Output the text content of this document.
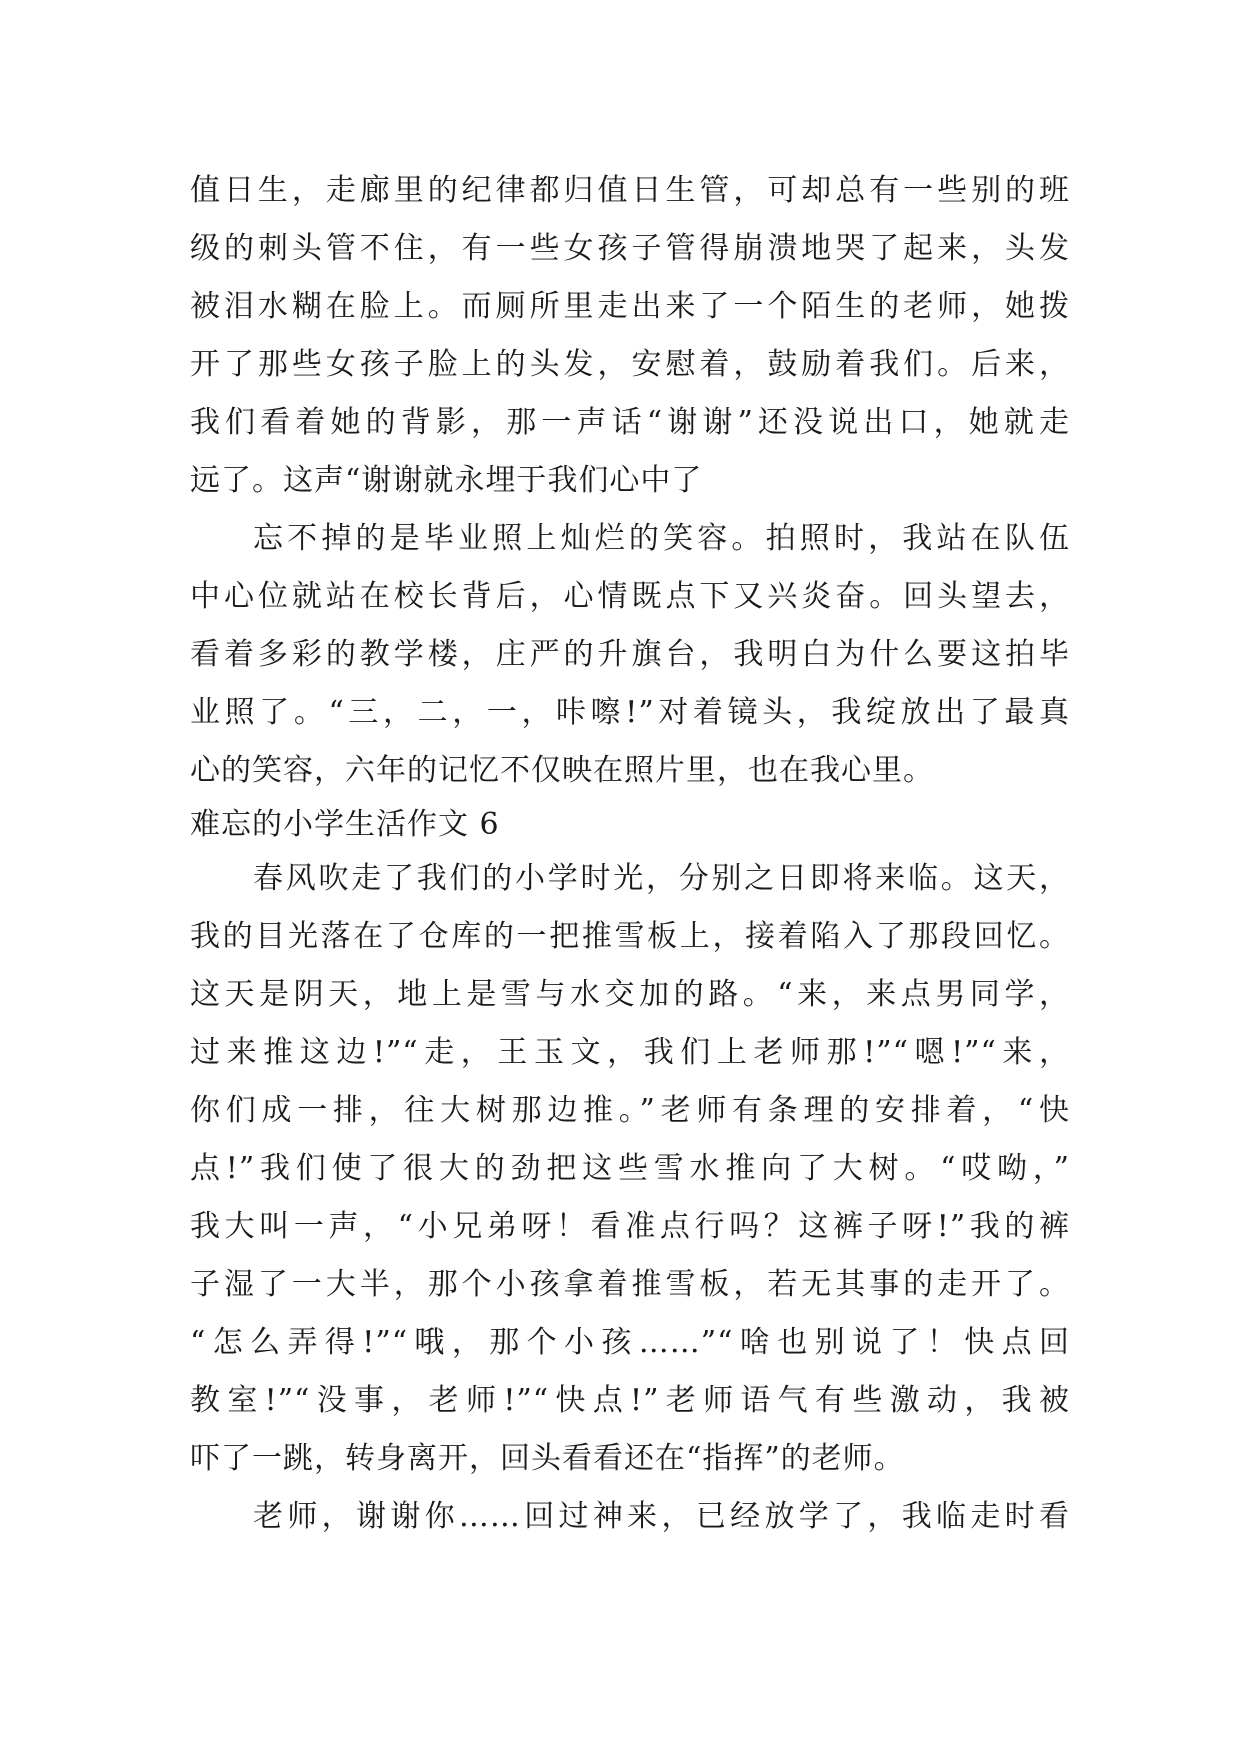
值日生，走廊里的纪律都归值日生管，可却总有一些别的班
级的刺头管不住，有一些女孩子管得崩溃地哭了起来，头发
被泪水糊在脸上。而厕所里走出来了一个陌生的老师，她拨
开了那些女孩子脸上的头发，安慰着，鼓励着我们。后来，
我们看着她的背影，那一声话“谢谢”还没说出口，她就走
远了。这声“谢谢就永埋于我们心中了
忘不掉的是毕业照上灿烂的笑容。拍照时，我站在队伍
中心位就站在校长背后，心情既点下又兴炎奋。回头望去，
看着多彩的教学楼，庄严的升旗台，我明白为什么要这拍毕
业照了。“三，二，一，咔嚓!”对着镜头，我绽放出了最真
心的笑容，六年的记忆不仅映在照片里，也在我心里。
难忘的小学生活作文 6
春风吹走了我们的小学时光，分别之日即将来临。这天，
我的目光落在了仓库的一把推雪板上，接着陷入了那段回忆。
这天是阴天，地上是雪与水交加的路。“来，来点男同学，
过来推这边!”“走，王玉文，我们上老师那!”“嗯!”“来，
你们成一排，往大树那边推。”老师有条理的安排着，“快
点!”我们使了很大的劲把这些雪水推向了大树。“哎呦，”
我大叫一声，“小兄弟呀！看准点行吗？这裤子呀!”我的裤
子湿了一大半，那个小孩拿着推雪板，若无其事的走开了。
“怎么弄得!”“哦，那个小孩……”“啥也别说了！快点回
教室!”“没事，老师!”“快点!”老师语气有些激动，我被
吓了一跳，转身离开，回头看看还在“指挥”的老师。
老师，谢谢你……回过神来，已经放学了，我临走时看
